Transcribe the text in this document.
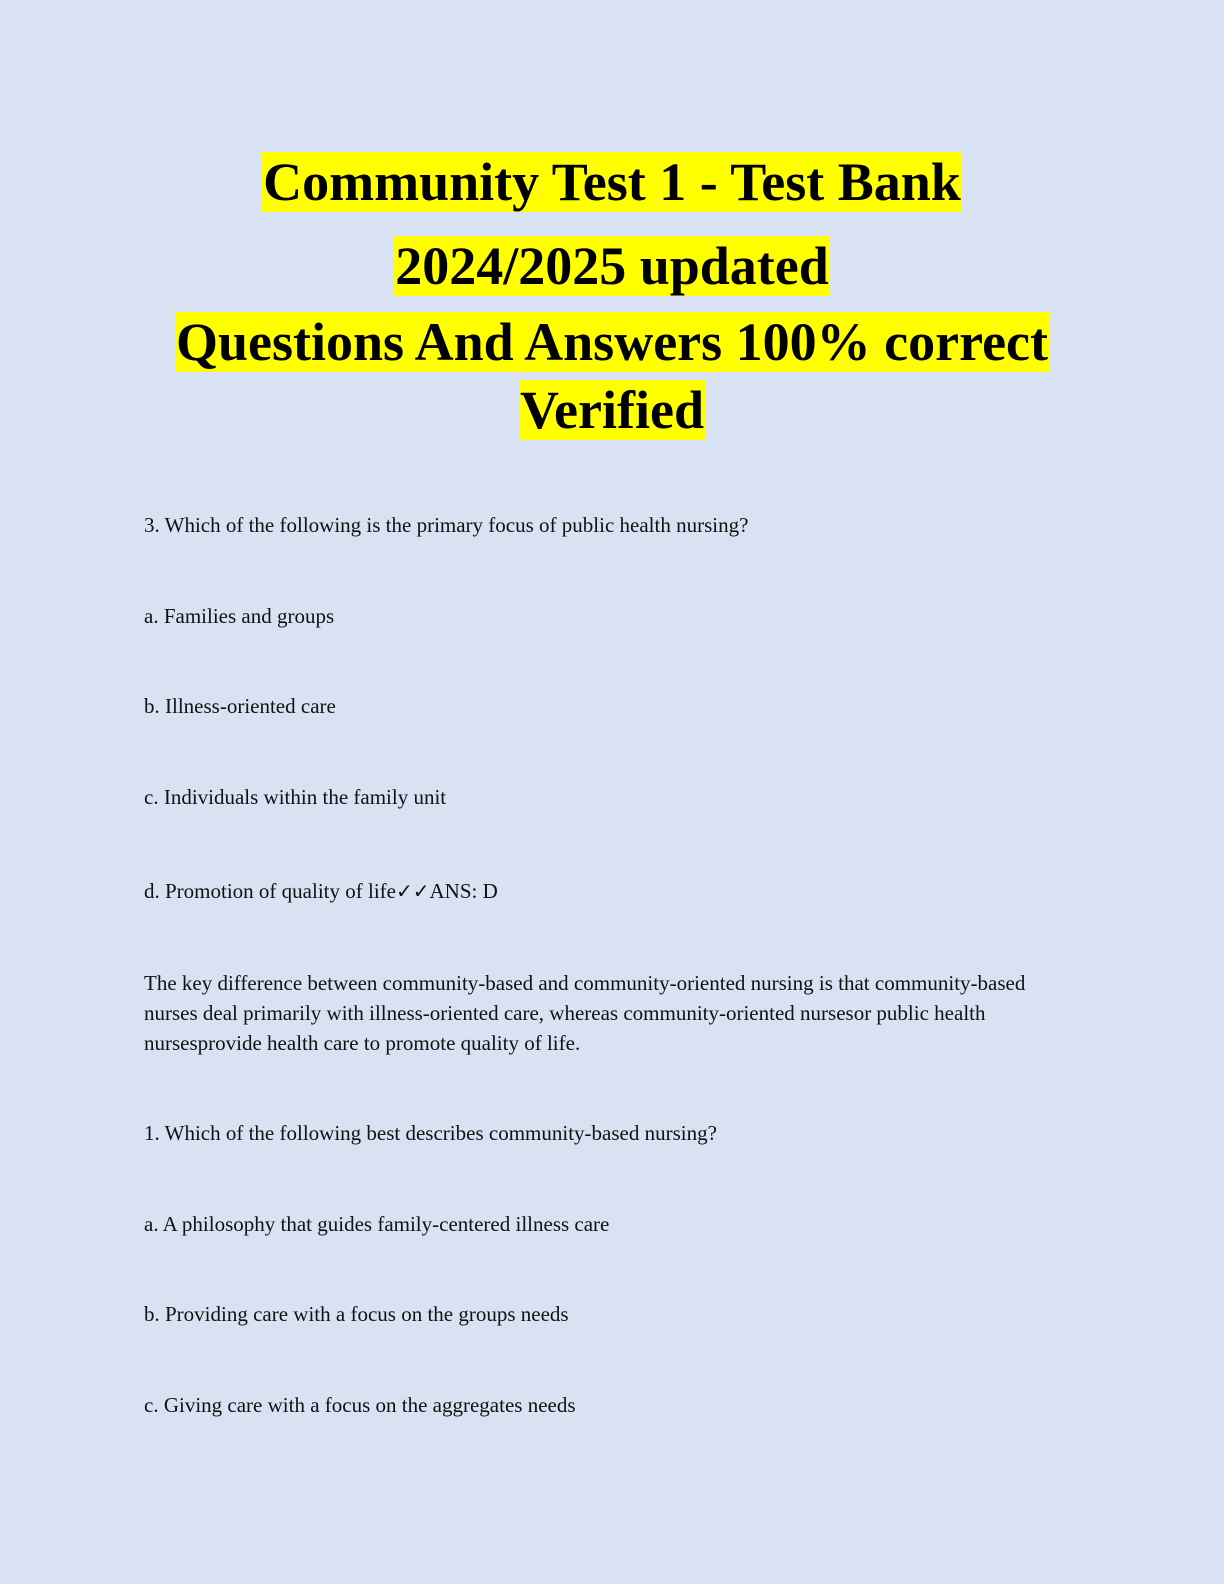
Community Test 1 - Test Bank
2024/2025 updated
Questions And Answers 100% correct
Verified
3. Which of the following is the primary focus of public health nursing?
a. Families and groups
b. Illness-oriented care
c. Individuals within the family unit
d. Promotion of quality of life✓✓ANS: D
The key difference between community-based and community-oriented nursing is that community-based nurses deal primarily with illness-oriented care, whereas community-oriented nursesor public health nursesprovide health care to promote quality of life.
1. Which of the following best describes community-based nursing?
a. A philosophy that guides family-centered illness care
b. Providing care with a focus on the groups needs
c. Giving care with a focus on the aggregates needs
